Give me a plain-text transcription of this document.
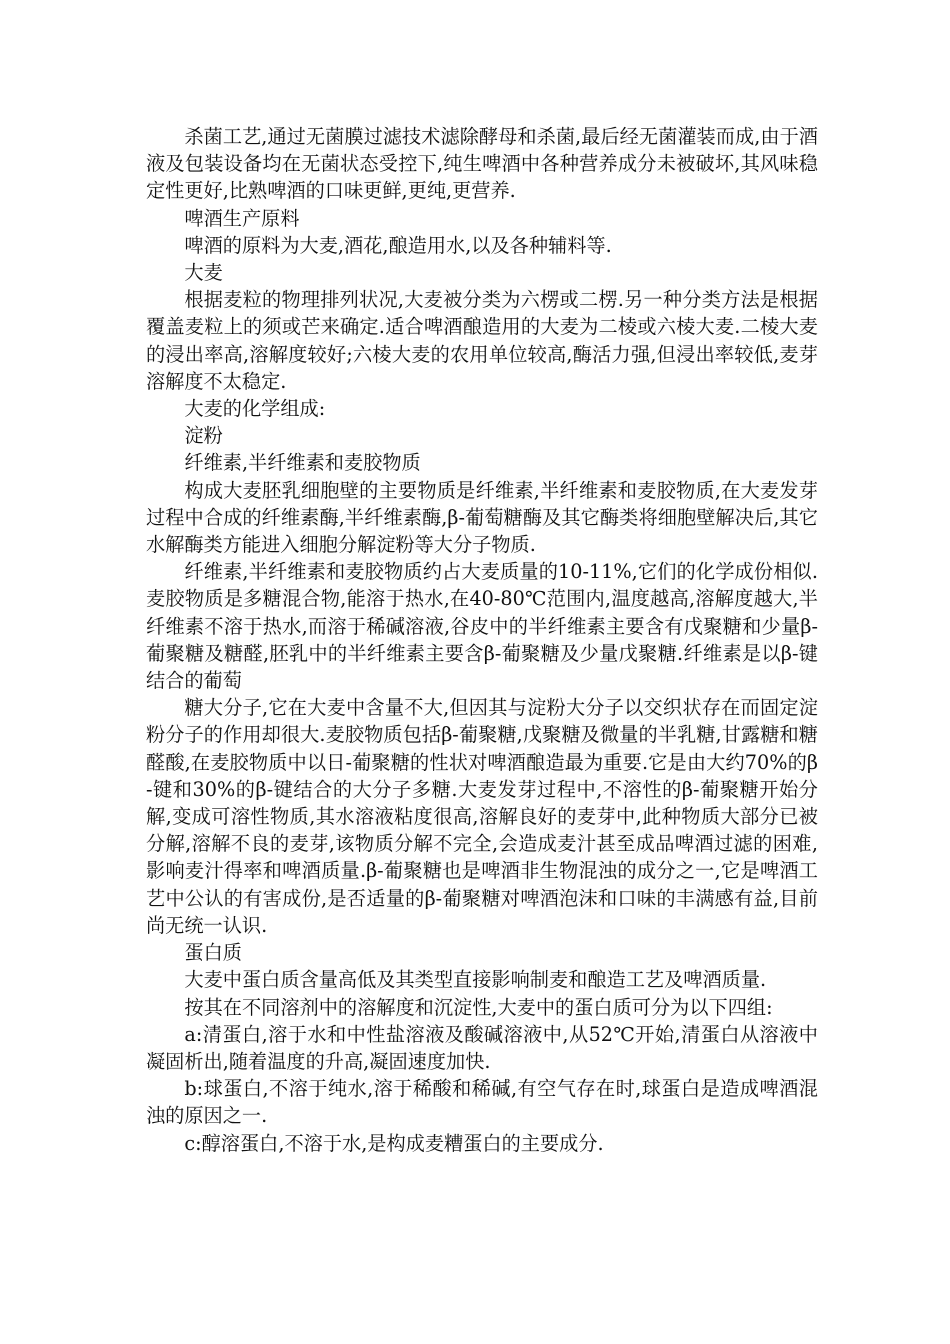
杀菌工艺,通过无菌膜过滤技术滤除酵母和杀菌,最后经无菌灌装而成,由于酒液及包装设备均在无菌状态受控下,纯生啤酒中各种营养成分未被破坏,其风味稳定性更好,比熟啤酒的口味更鲜,更纯,更营养.

啤酒生产原料

啤酒的原料为大麦,酒花,酿造用水,以及各种辅料等.

大麦

根据麦粒的物理排列状况,大麦被分类为六楞或二楞.另一种分类方法是根据覆盖麦粒上的须或芒来确定.适合啤酒酿造用的大麦为二棱或六棱大麦.二棱大麦的浸出率高,溶解度较好;六棱大麦的农用单位较高,酶活力强,但浸出率较低,麦芽溶解度不太稳定.

大麦的化学组成:

淀粉

纤维素,半纤维素和麦胶物质

构成大麦胚乳细胞壁的主要物质是纤维素,半纤维素和麦胶物质,在大麦发芽过程中合成的纤维素酶,半纤维素酶,β-葡萄糖酶及其它酶类将细胞壁解决后,其它水解酶类方能进入细胞分解淀粉等大分子物质.

纤维素,半纤维素和麦胶物质约占大麦质量的10-11%,它们的化学成份相似.麦胶物质是多糖混合物,能溶于热水,在40-80℃范围内,温度越高,溶解度越大,半纤维素不溶于热水,而溶于稀碱溶液,谷皮中的半纤维素主要含有戊聚糖和少量β-葡聚糖及糖醛,胚乳中的半纤维素主要含β-葡聚糖及少量戊聚糖.纤维素是以β-键结合的葡萄

糖大分子,它在大麦中含量不大,但因其与淀粉大分子以交织状存在而固定淀粉分子的作用却很大.麦胶物质包括β-葡聚糖,戊聚糖及微量的半乳糖,甘露糖和糖醛酸,在麦胶物质中以日-葡聚糖的性状对啤酒酿造最为重要.它是由大约70%的β-键和30%的β-键结合的大分子多糖.大麦发芽过程中,不溶性的β-葡聚糖开始分解,变成可溶性物质,其水溶液粘度很高,溶解良好的麦芽中,此种物质大部分已被分解,溶解不良的麦芽,该物质分解不完全,会造成麦汁甚至成品啤酒过滤的困难,影响麦汁得率和啤酒质量.β-葡聚糖也是啤酒非生物混浊的成分之一,它是啤酒工艺中公认的有害成份,是否适量的β-葡聚糖对啤酒泡沫和口味的丰满感有益,目前尚无统一认识.

蛋白质

大麦中蛋白质含量高低及其类型直接影响制麦和酿造工艺及啤酒质量.

按其在不同溶剂中的溶解度和沉淀性,大麦中的蛋白质可分为以下四组:

a:清蛋白,溶于水和中性盐溶液及酸碱溶液中,从52℃开始,清蛋白从溶液中凝固析出,随着温度的升高,凝固速度加快.

b:球蛋白,不溶于纯水,溶于稀酸和稀碱,有空气存在时,球蛋白是造成啤酒混浊的原因之一.

c:醇溶蛋白,不溶于水,是构成麦糟蛋白的主要成分.
